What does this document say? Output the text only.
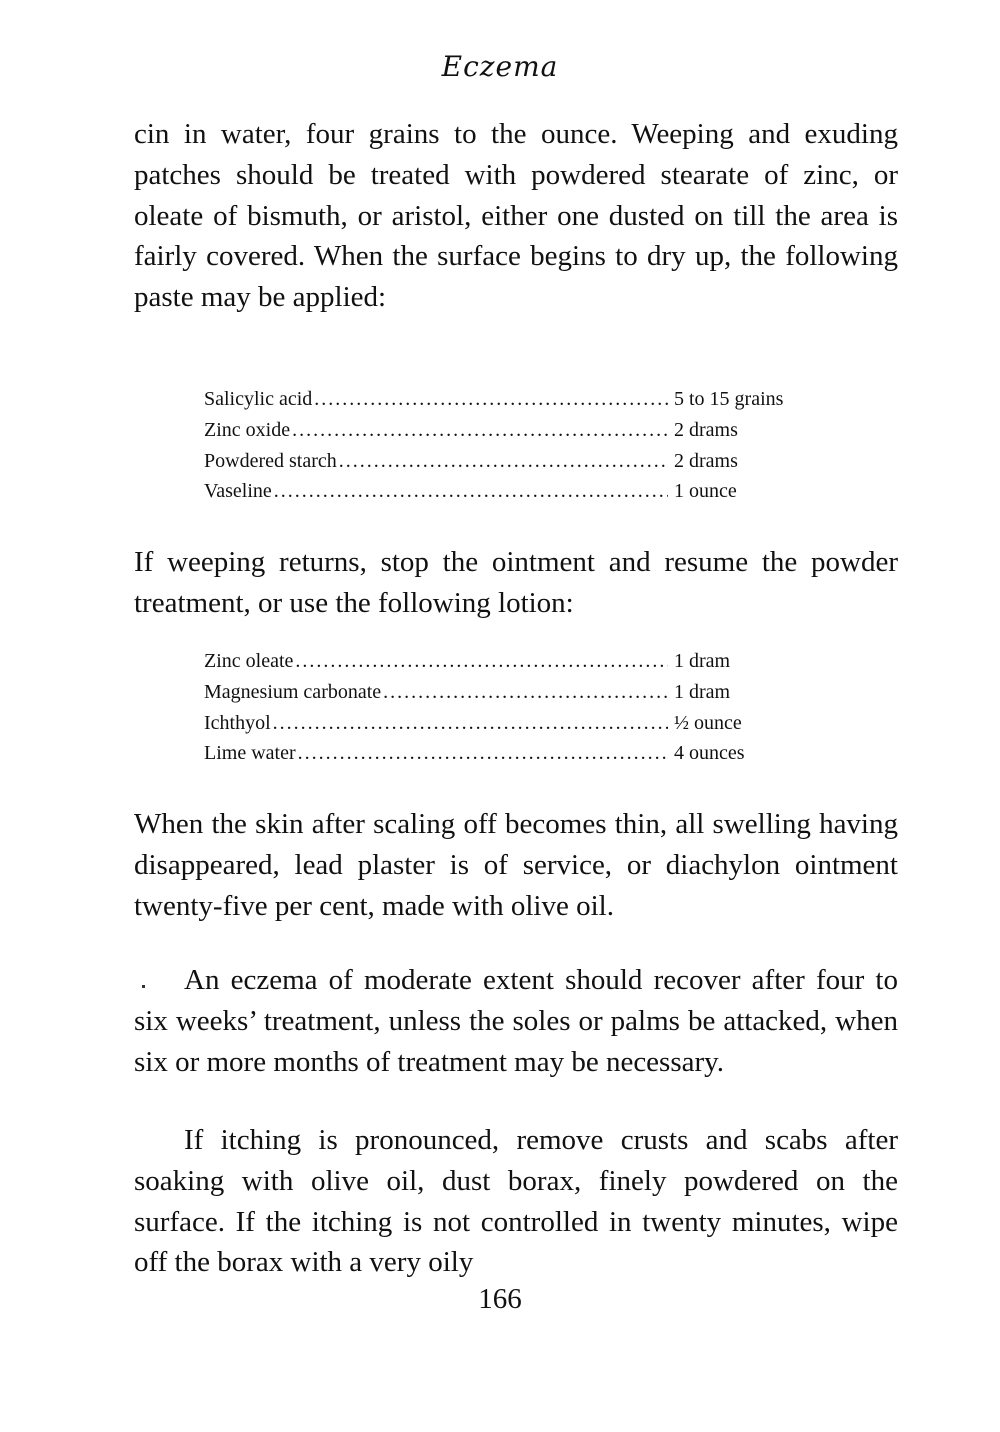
Eczema

cin in water, four grains to the ounce. Weeping and exuding patches should be treated with powdered stearate of zinc, or oleate of bismuth, or aristol, either one dusted on till the area is fairly covered. When the surface begins to dry up, the following paste may be applied:

Salicylic acid .....	5 to 15 grains
Zinc oxide .....	2 drams
Powdered starch .....	2 drams
Vaseline .....	1 ounce

If weeping returns, stop the ointment and resume the powder treatment, or use the following lotion:

Zinc oleate .....	1 dram
Magnesium carbonate .....	1 dram
Ichthyol .....	½ ounce
Lime water .....	4 ounces

When the skin after scaling off becomes thin, all swelling having disappeared, lead plaster is of service, or diachylon ointment twenty-five per cent, made with olive oil.

An eczema of moderate extent should recover after four to six weeks’ treatment, unless the soles or palms be attacked, when six or more months of treatment may be necessary.

If itching is pronounced, remove crusts and scabs after soaking with olive oil, dust borax, finely powdered on the surface. If the itching is not controlled in twenty minutes, wipe off the borax with a very oily

166
